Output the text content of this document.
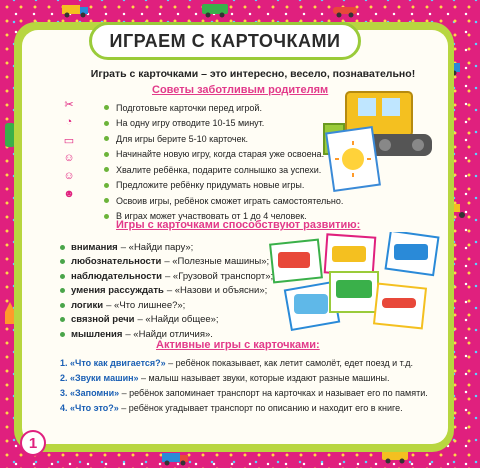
ИГРАЕМ С КАРТОЧКАМИ
Играть с карточками – это интересно, весело, познавательно!
Советы заботливым родителям
✂
◔
▭
☺
☺
☻
Подготовьте карточки перед игрой.
На одну игру отводите 10-15 минут.
Для игры берите 5-10 карточек.
Начинайте новую игру, когда старая уже освоена.
Хвалите ребёнка, подарите солнышко за успехи.
Предложите ребёнку придумать новые игры.
Освоив игры, ребёнок сможет играть самостоятельно.
В играх может участвовать от 1 до 4 человек.
Игры с карточками способствуют развитию:
внимания – «Найди пару»;
любознательности – «Полезные машины»;
наблюдательности – «Грузовой транспорт»;
умения рассуждать – «Назови и объясни»;
логики – «Что лишнее?»;
связной речи – «Найди общее»;
мышления – «Найди отличия».
Активные игры с карточками:
1. «Что как двигается?» – ребёнок показывает, как летит самолёт, едет поезд и т.д.
2. «Звуки машин» – малыш называет звуки, которые издают разные машины.
3. «Запомни» – ребёнок запоминает транспорт на карточках и называет его по памяти.
4. «Что это?» – ребёнок угадывает транспорт по описанию и находит его в книге.
1
